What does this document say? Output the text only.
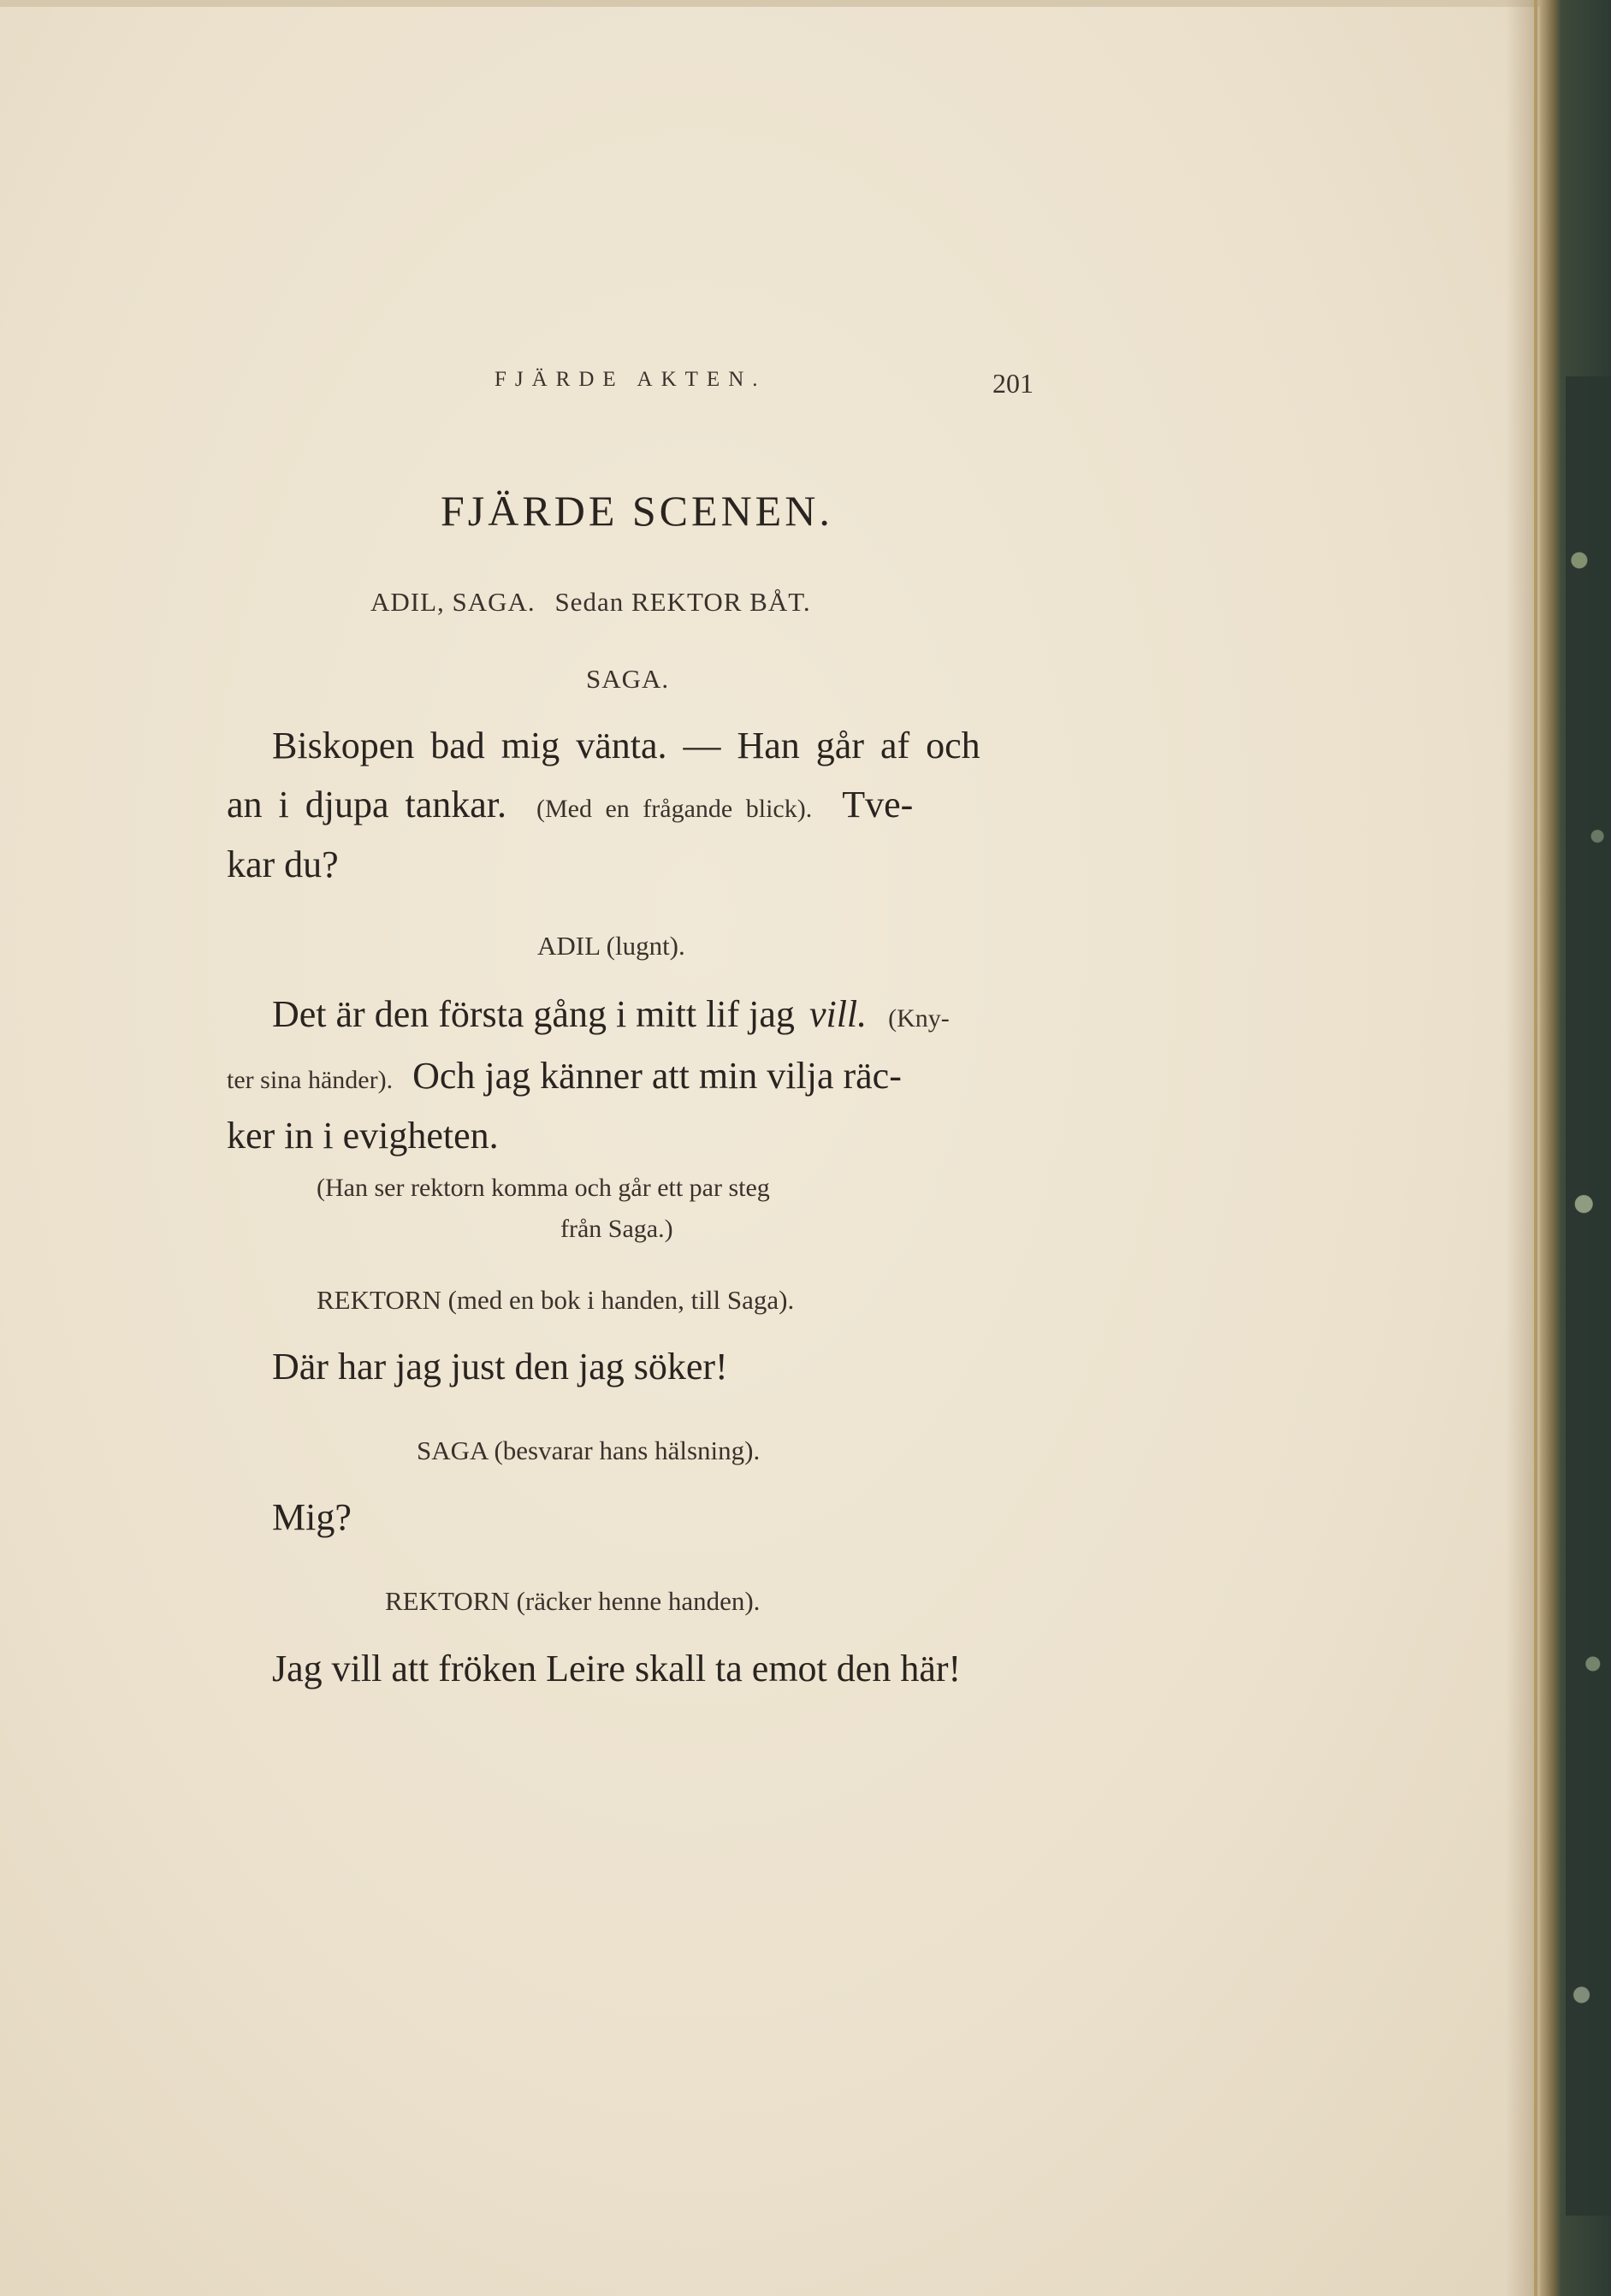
FJÄRDE AKTEN.	201
FJÄRDE SCENEN.
ADIL, SAGA. Sedan REKTOR BÅT.
SAGA.
Biskopen bad mig vänta. — Han går af och
an i djupa tankar. (Med en frågande blick). Tve-
kar du?
ADIL (lugnt).
Det är den första gång i mitt lif jag vill. (Kny-
ter sina händer). Och jag känner att min vilja räc-
ker in i evigheten.
(Han ser rektorn komma och går ett par steg
från Saga.)
REKTORN (med en bok i handen, till Saga).
Där har jag just den jag söker!
SAGA (besvarar hans hälsning).
Mig?
REKTORN (räcker henne handen).
Jag vill att fröken Leire skall ta emot den här!
